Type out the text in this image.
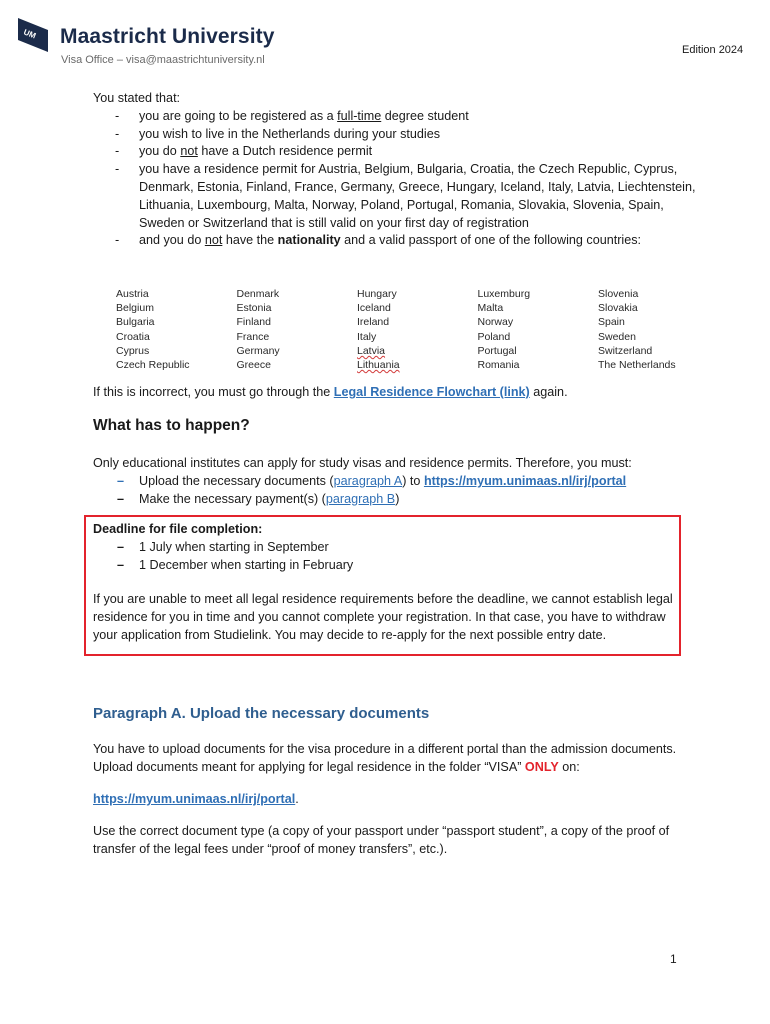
UM Maastricht University
Visa Office – visa@maastrichtuniversity.nl
Edition 2024
You stated that:
- you are going to be registered as a full-time degree student
- you wish to live in the Netherlands during your studies
- you do not have a Dutch residence permit
- you have a residence permit for Austria, Belgium, Bulgaria, Croatia, the Czech Republic, Cyprus, Denmark, Estonia, Finland, France, Germany, Greece, Hungary, Iceland, Italy, Latvia, Liechtenstein, Lithuania, Luxembourg, Malta, Norway, Poland, Portugal, Romania, Slovakia, Slovenia, Spain, Sweden or Switzerland that is still valid on your first day of registration
- and you do not have the nationality and a valid passport of one of the following countries:
Austria	Denmark	Hungary	Luxemburg	Slovenia
Belgium	Estonia	Iceland	Malta	Slovakia
Bulgaria	Finland	Ireland	Norway	Spain
Croatia	France	Italy	Poland	Sweden
Cyprus	Germany	Latvia	Portugal	Switzerland
Czech Republic	Greece	Lithuania	Romania	The Netherlands
If this is incorrect, you must go through the Legal Residence Flowchart (link) again.
What has to happen?
Only educational institutes can apply for study visas and residence permits. Therefore, you must:
– Upload the necessary documents (paragraph A) to https://myum.unimaas.nl/irj/portal
– Make the necessary payment(s) (paragraph B)
Deadline for file completion:
– 1 July when starting in September
– 1 December when starting in February
If you are unable to meet all legal residence requirements before the deadline, we cannot establish legal residence for you in time and you cannot complete your registration. In that case, you have to withdraw your application from Studielink. You may decide to re-apply for the next possible entry date.
Paragraph A. Upload the necessary documents
You have to upload documents for the visa procedure in a different portal than the admission documents. Upload documents meant for applying for legal residence in the folder “VISA” ONLY on:
https://myum.unimaas.nl/irj/portal.
Use the correct document type (a copy of your passport under “passport student”, a copy of the proof of transfer of the legal fees under “proof of money transfers”, etc.).
1
